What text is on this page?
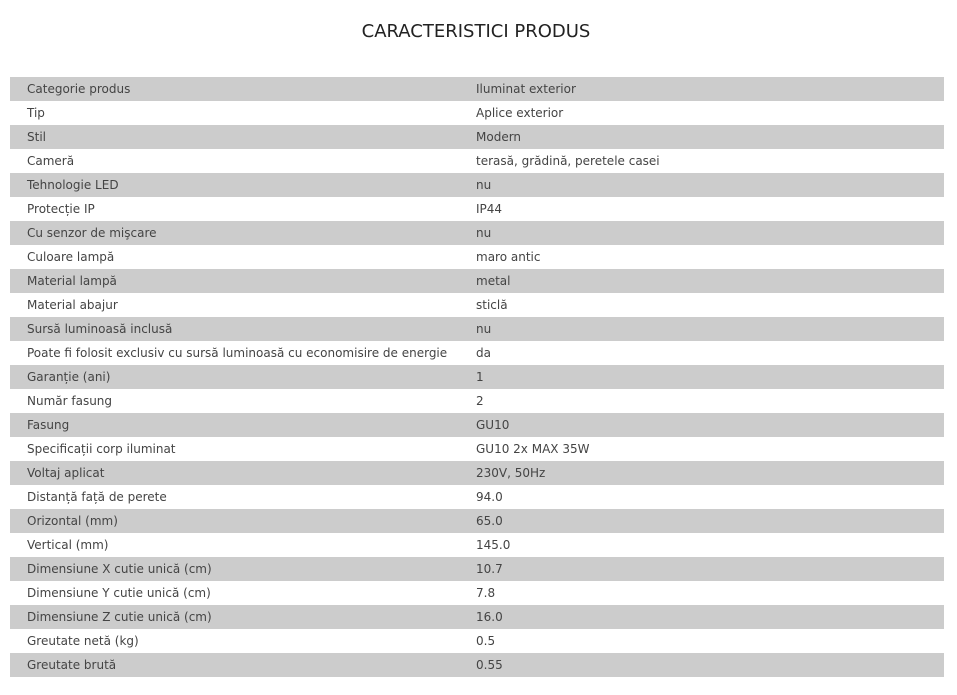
CARACTERISTICI PRODUS
Categorie produs	Iluminat exterior
Tip	Aplice exterior
Stil	Modern
Cameră	terasă, grădină, peretele casei
Tehnologie LED	nu
Protecție IP	IP44
Cu senzor de mişcare	nu
Culoare lampă	maro antic
Material lampă	metal
Material abajur	sticlă
Sursă luminoasă inclusă	nu
Poate fi folosit exclusiv cu sursă luminoasă cu economisire de energie	da
Garanție (ani)	1
Număr fasung	2
Fasung	GU10
Specificații corp iluminat	GU10 2x MAX 35W
Voltaj aplicat	230V, 50Hz
Distanță față de perete	94.0
Orizontal (mm)	65.0
Vertical (mm)	145.0
Dimensiune X cutie unică (cm)	10.7
Dimensiune Y cutie unică (cm)	7.8
Dimensiune Z cutie unică (cm)	16.0
Greutate netă (kg)	0.5
Greutate brută	0.55
